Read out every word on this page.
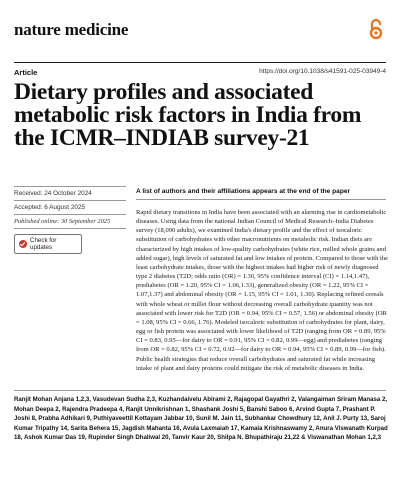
nature medicine
Article	https://doi.org/10.1038/s41591-025-03949-4
Dietary profiles and associated metabolic risk factors in India from the ICMR–INDIAB survey-21
Received: 24 October 2024
Accepted: 6 August 2025
Published online: 30 September 2025
Check for updates
A list of authors and their affiliations appears at the end of the paper

Rapid dietary transitions in India have been associated with an alarming rise in cardiometabolic diseases. Using data from the national Indian Council of Medical Research–India Diabetes survey (18,090 adults), we examined India's dietary profile and the effect of isocaloric substitution of carbohydrates with other macronutrients on metabolic risk. Indian diets are characterized by high intakes of low-quality carbohydrates (white rice, milled whole grains and added sugar), high levels of saturated fat and low intakes of protein. Compared to those with the least carbohydrate intakes, those with the highest intakes had higher risk of newly diagnosed type 2 diabetes (T2D; odds ratio (OR) = 1.30, 95% confidence interval (CI) = 1.14,1.47), prediabetes (OR = 1.20, 95% CI = 1.06,1.33), generalized obesity (OR = 1.22, 95% CI = 1.07,1.37) and abdominal obesity (OR = 1.15, 95% CI = 1.01, 1.30). Replacing refined cereals with whole wheat or millet flour without decreasing overall carbohydrate quantity was not associated with lower risk for T2D (OR = 0.94, 95% CI = 0.57, 1.56) or abdominal obesity (OR = 1.08, 95% CI = 0.66, 1.76). Modeled isocaloric substitution of carbohydrates for plant, dairy, egg or fish protein was associated with lower likelihood of T2D (ranging from OR = 0.89, 95% CI = 0.83, 0.95—for dairy to OR = 0.91, 95% CI = 0.82, 0.99—egg) and prediabetes (ranging from OR = 0.82, 95% CI = 0.72, 0.92—for dairy to OR = 0.94, 95% CI = 0.89, 0.99—for fish). Public health strategies that reduce overall carbohydrates and saturated fat while increasing intake of plant and dairy proteins could mitigate the risk of metabolic diseases in India.

Ranjit Mohan Anjana 1,2,3, Vasudevan Sudha 2,3, Kuzhandaivelu Abirami 2, Rajagopal Gayathri 2, Valangaiman Sriram Manasa 2, Mohan Deepa 2, Rajendra Pradeepa 4, Ranjit Unnikrishnan 1, Shashank Joshi 5, Banshi Saboo 6, Arvind Gupta 7, Prashant P. Joshi 8, Prabha Adhikari 9, Puthiyaveettil Kottayam Jabbar 10, Sunil M. Jain 11, Subhankar Chowdhury 12, Anil J. Purty 13, Saroj Kumar Tripathy 14, Sarita Behera 15, Jagdish Mahanta 16, Avula Laxmaiah 17, Kamala Krishnaswamy 2, Anura Viswanath Kurpad 18, Ashok Kumar Das 19, Rupinder Singh Dhaliwal 20, Tanvir Kaur 20, Shilpa N. Bhupathiraju 21,22 & Viswanathan Mohan 1,2,3
